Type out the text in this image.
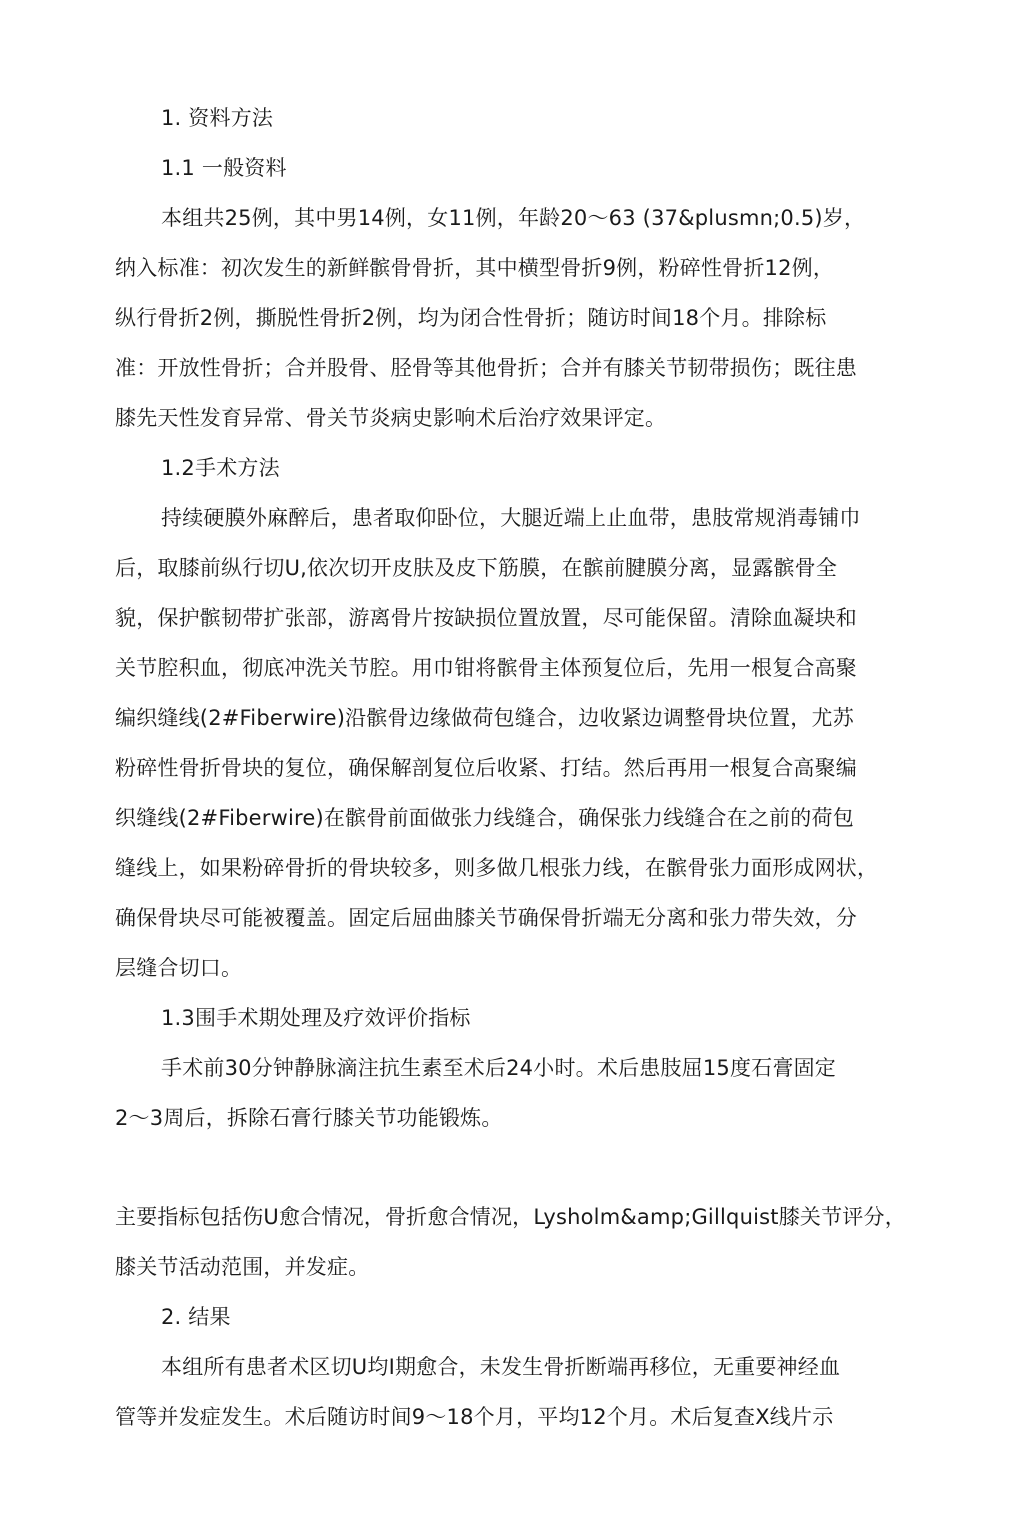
1. 资料方法
1.1 一般资料
本组共25例，其中男14例，女11例，年龄20～63 (37&plusmn;0.5)岁，
纳入标准：初次发生的新鲜髌骨骨折，其中横型骨折9例，粉碎性骨折12例，
纵行骨折2例，撕脱性骨折2例，均为闭合性骨折；随访时间18个月。排除标
准：开放性骨折；合并股骨、胫骨等其他骨折；合并有膝关节韧带损伤；既往患
膝先天性发育异常、骨关节炎病史影响术后治疗效果评定。
1.2手术方法
持续硬膜外麻醉后，患者取仰卧位，大腿近端上止血带，患肢常规消毒铺巾
后，取膝前纵行切U,依次切开皮肤及皮下筋膜，在髌前腱膜分离，显露髌骨全
貌，保护髌韧带扩张部，游离骨片按缺损位置放置，尽可能保留。清除血凝块和
关节腔积血，彻底冲洗关节腔。用巾钳将髌骨主体预复位后，先用一根复合高聚
编织缝线(2#Fiberwire)沿髌骨边缘做荷包缝合，边收紧边调整骨块位置，尤苏
粉碎性骨折骨块的复位，确保解剖复位后收紧、打结。然后再用一根复合高聚编
织缝线(2#Fiberwire)在髌骨前面做张力线缝合，确保张力线缝合在之前的荷包
缝线上，如果粉碎骨折的骨块较多，则多做几根张力线，在髌骨张力面形成网状，
确保骨块尽可能被覆盖。固定后屈曲膝关节确保骨折端无分离和张力带失效，分
层缝合切口。
1.3围手术期处理及疗效评价指标
手术前30分钟静脉滴注抗生素至术后24小时。术后患肢屈15度石膏固定
2～3周后，拆除石膏行膝关节功能锻炼。
主要指标包括伤U愈合情况，骨折愈合情况，Lysholm&amp;Gillquist膝关节评分，
膝关节活动范围，并发症。
2. 结果
本组所有患者术区切U均I期愈合，未发生骨折断端再移位，无重要神经血
管等并发症发生。术后随访时间9～18个月，平均12个月。术后复查X线片示
